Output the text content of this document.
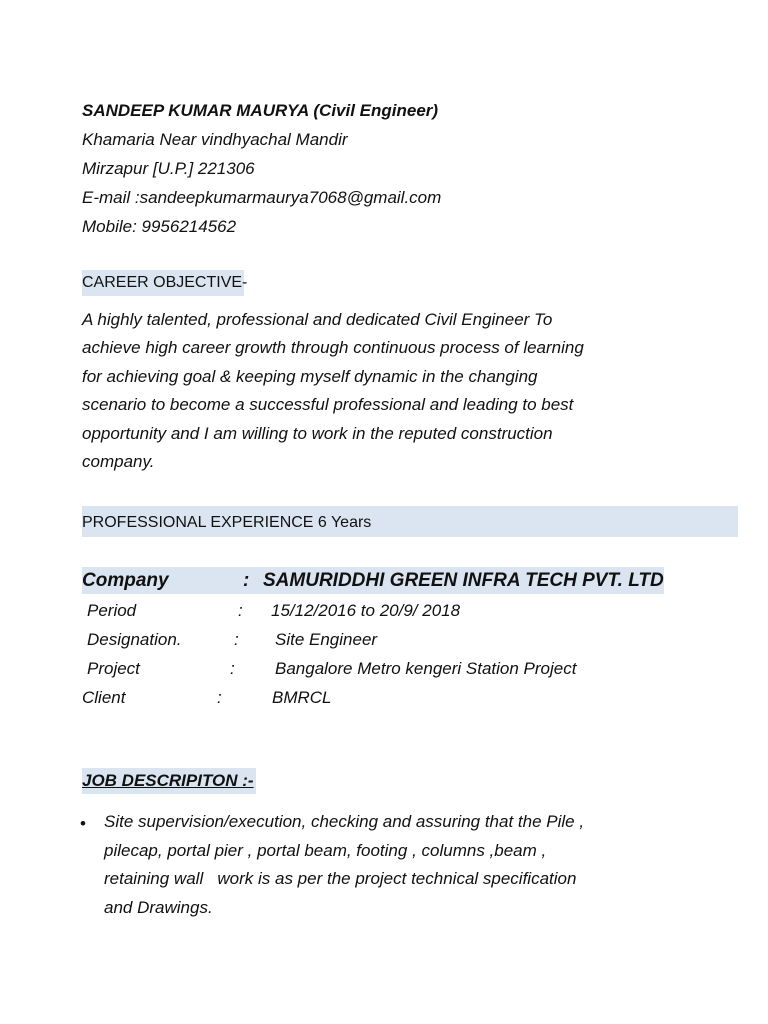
SANDEEP KUMAR MAURYA (Civil Engineer)
Khamaria Near vindhyachal Mandir
Mirzapur [U.P.] 221306
E-mail :sandeepkumarmaurya7068@gmail.com
Mobile: 9956214562
CAREER OBJECTIVE-
A highly talented, professional and dedicated Civil Engineer To
achieve high career growth through continuous process of learning
for achieving goal & keeping myself dynamic in the changing
scenario to become a successful professional and leading to best
opportunity and I am willing to work in the reputed construction
company.
PROFESSIONAL EXPERIENCE 6 Years
Company	: SAMURIDDHI GREEN INFRA TECH PVT. LTD
Period	: 15/12/2016 to 20/9/ 2018
Designation.	: Site Engineer
Project	: Bangalore Metro kengeri Station Project
Client	:	BMRCL
JOB DESCRIPITON :-
• Site supervision/execution, checking and assuring that the Pile ,
pilecap, portal pier , portal beam, footing , columns ,beam ,
retaining wall   work is as per the project technical specification
and Drawings.
